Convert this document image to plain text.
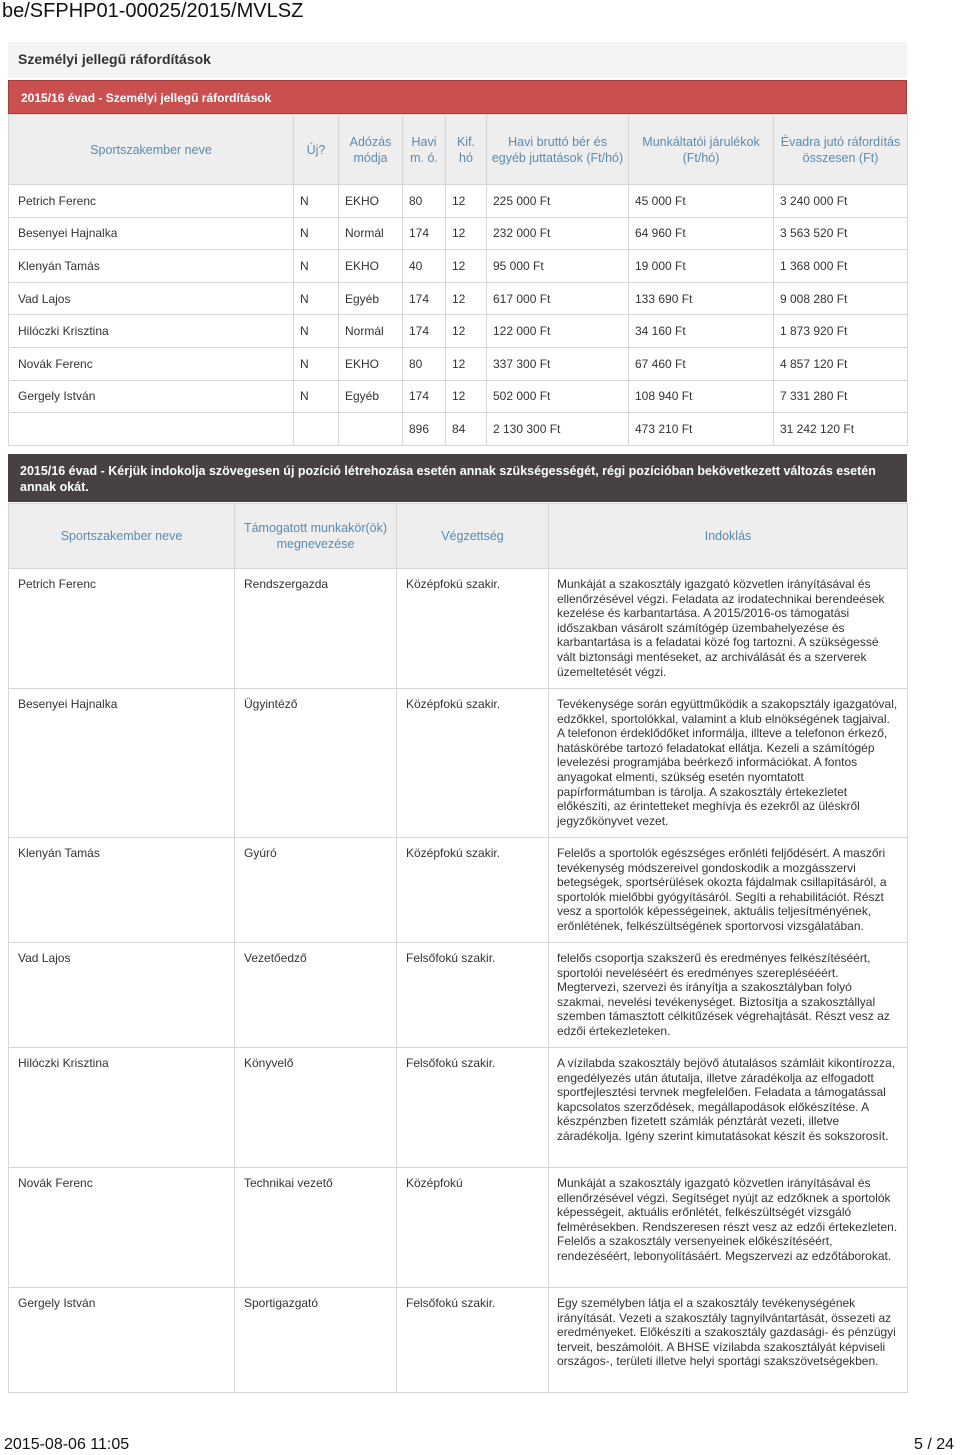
be/SFPHP01-00025/2015/MVLSZ
Személyi jellegű ráfordítások
2015/16 évad - Személyi jellegű ráfordítások
Sportszakember neve	Új?	Adózás módja	Havi m. ó.	Kif. hó	Havi bruttó bér és egyéb juttatások (Ft/hó)	Munkáltatói járulékok (Ft/hó)	Évadra jutó ráfordítás összesen (Ft)
Petrich Ferenc	N	EKHO	80	12	225 000 Ft	45 000 Ft	3 240 000 Ft
Besenyei Hajnalka	N	Normál	174	12	232 000 Ft	64 960 Ft	3 563 520 Ft
Klenyán Tamás	N	EKHO	40	12	95 000 Ft	19 000 Ft	1 368 000 Ft
Vad Lajos	N	Egyéb	174	12	617 000 Ft	133 690 Ft	9 008 280 Ft
Hilóczki Krisztina	N	Normál	174	12	122 000 Ft	34 160 Ft	1 873 920 Ft
Novák Ferenc	N	EKHO	80	12	337 300 Ft	67 460 Ft	4 857 120 Ft
Gergely István	N	Egyéb	174	12	502 000 Ft	108 940 Ft	7 331 280 Ft
			896	84	2 130 300 Ft	473 210 Ft	31 242 120 Ft
2015/16 évad - Kérjük indokolja szövegesen új pozíció létrehozása esetén annak szükségességét, régi pozícióban bekövetkezett változás esetén annak okát.
Sportszakember neve	Támogatott munkakör(ök) megnevezése	Végzettség	Indoklás
Petrich Ferenc	Rendszergazda	Középfokú szakir.	Munkáját a szakosztály igazgató közvetlen irányításával és ellenőrzésével végzi. Feladata az irodatechnikai berendeések kezelése és karbantartása. A 2015/2016-os támogatási időszakban vásárolt számítógép üzembahelyezése és karbantartása is a feladatai közé fog tartozni. A szükségessé vált biztonsági mentéseket, az archiválását és a szerverek üzemeltetését végzi.
Besenyei Hajnalka	Ügyintéző	Középfokú szakir.	Tevékenysége során együttműködik a szakopsztály igazgatóval, edzőkkel, sportolókkal, valamint a klub elnökségének tagjaival. A telefonon érdeklődőket informálja, illteve a telefonon érkező, hatáskörébe tartozó feladatokat ellátja. Kezeli a számítógép levelezési programjába beérkező információkat. A fontos anyagokat elmenti, szükség esetén nyomtatott papírformátumban is tárolja. A szakosztály értekezletet előkészíti, az érintetteket meghívja és ezekről az üléskről jegyzőkönyvet vezet.
Klenyán Tamás	Gyúró	Középfokú szakir.	Felelős a sportolók egészséges erőnléti feljődésért. A maszőri tevékenység módszereivel gondoskodik a mozgásszervi betegségek, sportsérülések okozta fájdalmak csillapításáról, a sportolók mielőbbi gyógyításáról. Segíti a rehabilitációt. Részt vesz a sportolók képességeinek, aktuális teljesítményének, erőnlétének, felkészültségének sportorvosi vizsgálatában.
Vad Lajos	Vezetőedző	Felsőfokú szakir.	felelős csoportja szakszerű és eredményes felkészítéséért, sportolói neveléséért és eredményes szereplésééért. Megtervezi, szervezi és irányítja a szakosztályban folyó szakmai, nevelési tevékenységet. Biztosítja a szakosztállyal szemben támasztott célkitűzések végrehajtását. Részt vesz az edzői értekezleteken.
Hilóczki Krisztina	Könyvelő	Felsőfokú szakir.	A vízilabda szakosztály bejövő átutalásos számláit kikontírozza, engedélyezés után átutalja, illetve záradékolja az elfogadott sportfejlesztési tervnek megfelelően. Feladata a támogatással kapcsolatos szerződések, megállapodások előkészítése. A készpénzben fizetett számlák pénztárát vezeti, illetve záradékolja. Igény szerint kimutatásokat készít és sokszorosít.
Novák Ferenc	Technikai vezető	Középfokú	Munkáját a szakosztály igazgató közvetlen irányításával és ellenőrzésével végzi. Segítséget nyújt az edzőknek a sportolók képességeit, aktuális erőnlétét, felkészültségét vizsgáló felmérésekben. Rendszeresen részt vesz az edzői értekezleten. Felelős a szakosztály versenyeinek előkészítéséért, rendezéséért, lebonyolításáért. Megszervezi az edzőtáborokat.
Gergely István	Sportigazgató	Felsőfokú szakir.	Egy személyben látja el a szakosztály tevékenységének irányítását. Vezeti a szakosztály tagnyilvántartását, össezeti az eredményeket. Előkészíti a szakosztály gazdasági- és pénzügyi terveit, beszámolóit. A BHSE vízilabda szakosztályát képviseli országos-, területi illetve helyi sportági szakszövetségekben.
2015-08-06 11:05	5 / 24
